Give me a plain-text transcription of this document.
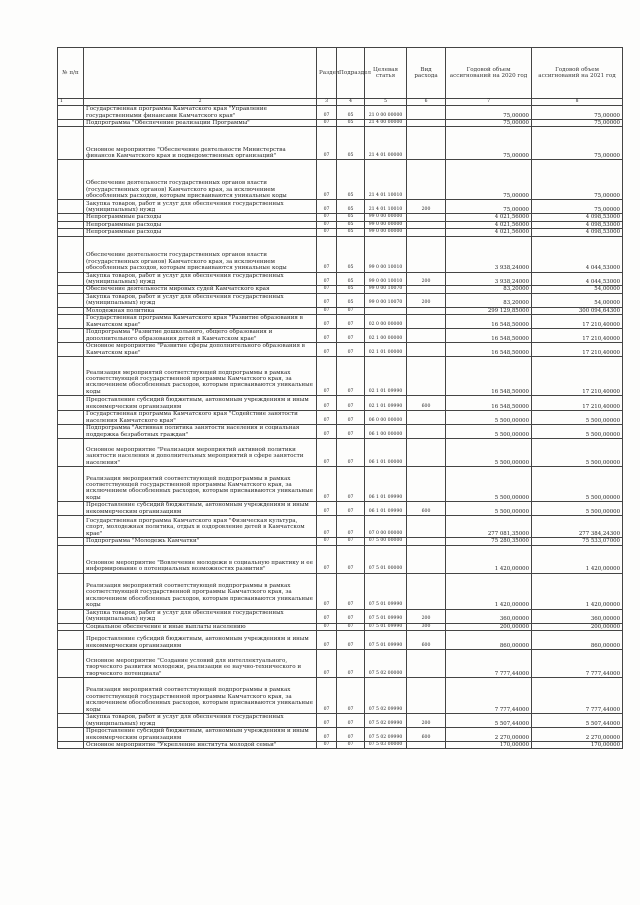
№ п/п		Раздел	Подраздел	Целевая статья	Вид расхода	Годовой объем ассигнований на 2020 год	Годовой объем ассигнований на 2021 год
1	2	3	4	5	6	7	8
	Государственная программа Камчатского края "Управление государственными финансами Камчатского края"	07	05	21 0 00 00000		75,00000	75,00000
	Подпрограмма "Обеспечение реализации Программы"	07	05	21 4 00 00000		75,00000	75,00000
	Основное мероприятие "Обеспечение деятельности Министерства финансов Камчатского края и подведомственных организаций"	07	05	21 4 01 00000		75,00000	75,00000
	Обеспечение деятельности государственных органов власти (государственных органов) Камчатского края, за исключением обособленных расходов, которым присваиваются уникальные коды	07	05	21 4 01 10010		75,00000	75,00000
	Закупка товаров, работ и услуг для обеспечения государственных (муниципальных) нужд	07	05	21 4 01 10010	200	75,00000	75,00000
	Непрограммные расходы	07	05	99 0 00 00000		4 021,56000	4 098,53000
	Непрограммные расходы	07	05	99 0 00 00000		4 021,56000	4 098,53000
	Непрограммные расходы	07	05	99 0 00 00000		4 021,56000	4 098,53000
	Обеспечение деятельности государственных органов власти (государственных органов) Камчатского края, за исключением обособленных расходов, которым присваиваются уникальные коды	07	05	99 0 00 10010		3 938,24000	4 044,53000
	Закупка товаров, работ и услуг для обеспечения государственных (муниципальных) нужд	07	05	99 0 00 10010	200	3 938,24000	4 044,53000
	Обеспечение деятельности мировых судей Камчатского края	07	05	99 0 00 10070		83,20000	54,00000
	Закупка товаров, работ и услуг для обеспечения государственных (муниципальных) нужд	07	05	99 0 00 10070	200	83,20000	54,00000
	Молодежная политика	07	07			299 129,85000	300 094,64300
	Государственная программа Камчатского края "Развитие образования в Камчатском крае"	07	07	02 0 00 00000		16 548,50000	17 210,40000
	Подпрограмма "Развитие дошкольного, общего образования и дополнительного образования детей в Камчатском крае"	07	07	02 1 00 00000		16 548,50000	17 210,40000
	Основное мероприятие "Развитие сферы дополнительного образования в Камчатском крае"	07	07	02 1 01 00000		16 548,50000	17 210,40000
	Реализация мероприятий соответствующей подпрограммы в рамках соответствующей государственной программы Камчатского края, за исключением обособленных расходов, которым присваиваются уникальные коды	07	07	02 1 01 09990		16 548,50000	17 210,40000
	Предоставление субсидий бюджетным, автономным учреждениям и иным некоммерческим организациям	07	07	02 1 01 09990	600	16 548,50000	17 210,40000
	Государственная программа Камчатского края "Содействие занятости населения Камчатского края"	07	07	06 0 00 00000		5 500,00000	5 500,00000
	Подпрограмма "Активная политика занятости населения и социальная поддержка безработных граждан"	07	07	06 1 00 00000		5 500,00000	5 500,00000
	Основное мероприятие "Реализация мероприятий активной политики занятости населения и дополнительных мероприятий в сфере занятости населения"	07	07	06 1 01 00000		5 500,00000	5 500,00000
	Реализация мероприятий соответствующей подпрограммы в рамках соответствующей государственной программы Камчатского края, за исключением обособленных расходов, которым присваиваются уникальные коды	07	07	06 1 01 09990		5 500,00000	5 500,00000
	Предоставление субсидий бюджетным, автономным учреждениям и иным некоммерческим организациям	07	07	06 1 01 09990	600	5 500,00000	5 500,00000
	Государственная программа Камчатского края "Физическая культура, спорт, молодежная политика, отдых и оздоровление детей в Камчатском крае"	07	07	07 0 00 00000		277 081,35000	277 384,24300
	Подпрограмма "Молодежь Камчатки"	07	07	07 5 00 00000		75 280,35000	75 533,07000
	Основное мероприятие "Вовлечение молодежи в социальную практику и ее информирование о потенциальных возможностях развития"	07	07	07 5 01 00000		1 420,00000	1 420,00000
	Реализация мероприятий соответствующей подпрограммы в рамках соответствующей государственной программы Камчатского края, за исключением обособленных расходов, которым присваиваются уникальные коды	07	07	07 5 01 09990		1 420,00000	1 420,00000
	Закупка товаров, работ и услуг для обеспечения государственных (муниципальных) нужд	07	07	07 5 01 09990	200	360,00000	360,00000
	Социальное обеспечение и иные выплаты населению	07	07	07 5 01 09990	300	200,00000	200,00000
	Предоставление субсидий бюджетным, автономным учреждениям и иным некоммерческим организациям	07	07	07 5 01 09990	600	860,00000	860,00000
	Основное мероприятие "Создание условий для интеллектуального, творческого развития молодежи, реализации ее научно-технического и творческого потенциала"	07	07	07 5 02 00000		7 777,44000	7 777,44000
	Реализация мероприятий соответствующей подпрограммы в рамках соответствующей государственной программы Камчатского края, за исключением обособленных расходов, которым присваиваются уникальные коды	07	07	07 5 02 09990		7 777,44000	7 777,44000
	Закупка товаров, работ и услуг для обеспечения государственных (муниципальных) нужд	07	07	07 5 02 09990	200	5 507,44000	5 507,44000
	Предоставление субсидий бюджетным, автономным учреждениям и иным некоммерческим организациям	07	07	07 5 02 09990	600	2 270,00000	2 270,00000
	Основное мероприятие "Укрепление института молодой семьи"	07	07	07 5 03 00000		170,00000	170,00000
